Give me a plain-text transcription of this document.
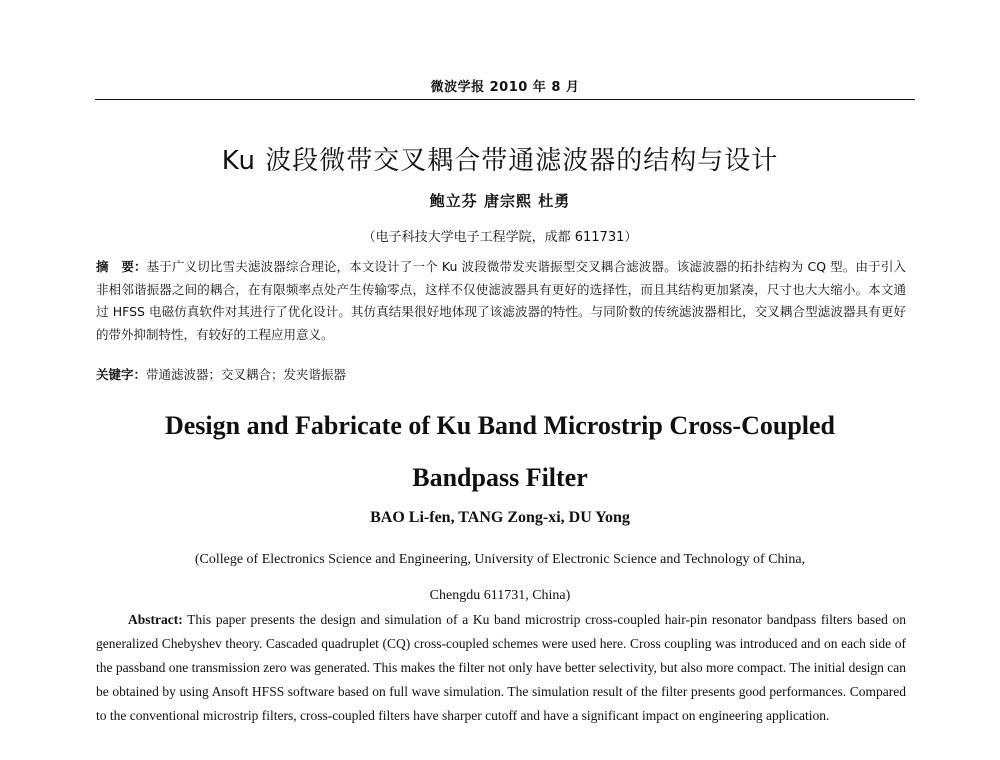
微波学报 2010 年 8 月
Ku 波段微带交叉耦合带通滤波器的结构与设计
鲍立芬 唐宗熙 杜勇
（电子科技大学电子工程学院，成都 611731）
摘　要：基于广义切比雪夫滤波器综合理论，本文设计了一个 Ku 波段微带发夹谐振型交叉耦合滤波器。该滤波器的拓扑结构为 CQ 型。由于引入非相邻谐振器之间的耦合，在有限频率点处产生传输零点，这样不仅使滤波器具有更好的选择性，而且其结构更加紧凑，尺寸也大大缩小。本文通过 HFSS 电磁仿真软件对其进行了优化设计。其仿真结果很好地体现了该滤波器的特性。与同阶数的传统滤波器相比，交叉耦合型滤波器具有更好的带外抑制特性，有较好的工程应用意义。
关键字：带通滤波器；交叉耦合；发夹谐振器
Design and Fabricate of Ku Band Microstrip Cross-Coupled
Bandpass Filter
BAO Li-fen, TANG Zong-xi, DU Yong
(College of Electronics Science and Engineering, University of Electronic Science and Technology of China,
Chengdu 611731, China)
Abstract: This paper presents the design and simulation of a Ku band microstrip cross-coupled hair-pin resonator bandpass filters based on generalized Chebyshev theory. Cascaded quadruplet (CQ) cross-coupled schemes were used here. Cross coupling was introduced and on each side of the passband one transmission zero was generated. This makes the filter not only have better selectivity, but also more compact. The initial design can be obtained by using Ansoft HFSS software based on full wave simulation. The simulation result of the filter presents good performances. Compared to the conventional microstrip filters, cross-coupled filters have sharper cutoff and have a significant impact on engineering application.
